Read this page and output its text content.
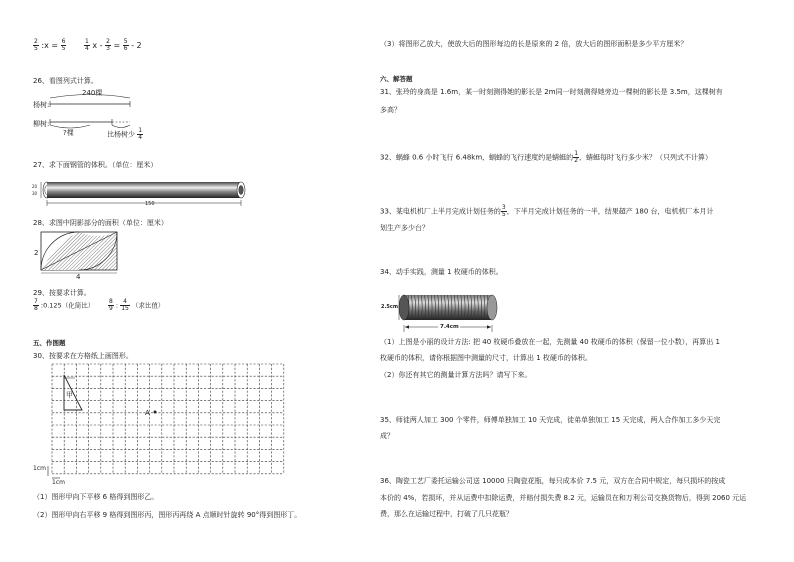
$\frac{2}{5}$ :x = $\frac{6}{5}$	$\frac{1}{4}$ $x - \frac{2}{3} = \frac{5}{6} - 2$
26、看图列式计算。
240棵
杨树:
柳树:
?棵	比杨树少 $\frac{1}{4}$
27、求下面钢管的体积。（单位：厘米）
150
20
30
28、求图中阴影部分的面积（单位：厘米）
2
4
29、按要求计算。
$\frac{7}{8}$ :0.125（化简比） $\frac{8}{9}$ : $\frac{4}{15}$ （求比值）
五、作图题
30、按要求在方格纸上画图形。
甲
A
1cm
1cm
（1）图形甲向下平移 6 格得到图形乙。
（2）图形甲向右平移 9 格得到图形丙，图形丙再绕 A 点顺时针旋转 90°得到图形丁。
（3）将图形乙放大，使放大后的图形每边的长是原来的 2 倍，放大后的图形面积是多少平方厘米？
六、解答题
31、张玲的身高是 1.6m，某一时刻测得她的影长是 2m同一时刻测得她旁边一棵树的影长是 3.5m，这棵树有
多高？
32、蜗蜂 0.6 小时飞行 6.48km，蜗蜂的飞行速度约是蜻蜓的 $\frac{1}{2}$ ，蜻蜓每时飞行多少米？（只列式不计算）
33、某电机机厂上半月完成计划任务的 $\frac{3}{5}$ ，下半月完成计划任务的一半，结果超产 180 台，电机机厂本月计
划生产多少台？
34、动手实践，测量 1 枚硬币的体积。
2.5cm
7.4cm
（1）上图是小丽的设计方法: 把 40 枚硬币叠放在一起，先测量 40 枚硬币的体积（保留一位小数），再算出 1
枚硬币的体积，请你根据图中测量的尺寸，计算出 1 枚硬币的体积。
（2）你还有其它的测量计算方法吗？请写下来。
35、师徒两人加工 300 个零件，师傅单独加工 10 天完成，徒弟单独加工 15 天完成，两人合作加工多少天完
成？
36、陶瓷工艺厂委托运输公司送 10000 只陶瓷花瓶，每只成本价 7.5 元，双方在合同中规定，每只损坏的按成
本价的 4%，若损坏，并从运费中扣除运费，并赔付损失费 8.2 元，运输员在和万利公司交换货物后，得到 2060 元运
费，那么在运输过程中，打破了几只花瓶？
